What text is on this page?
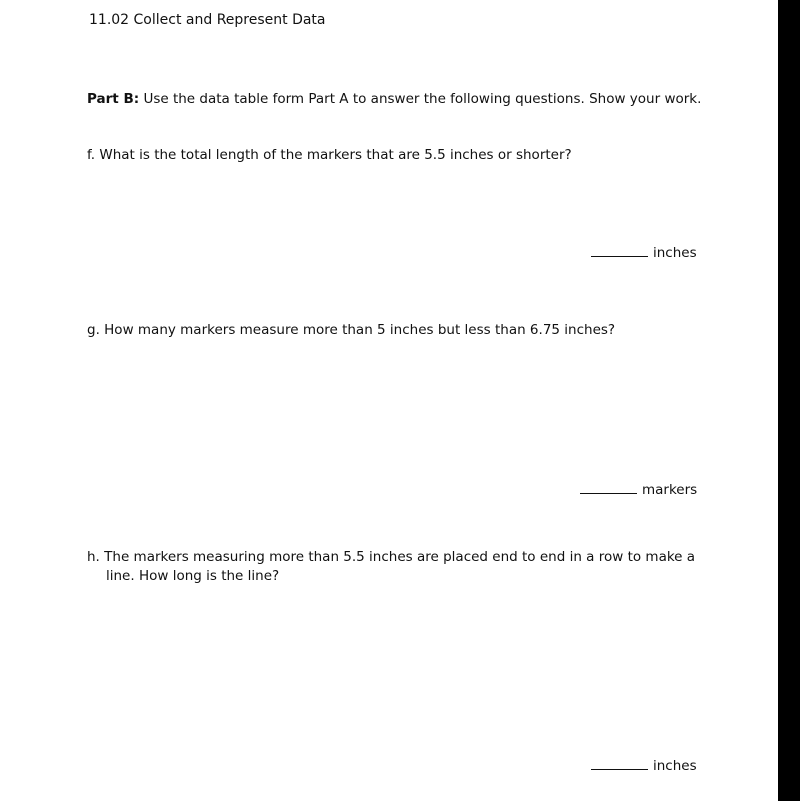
11.02 Collect and Represent Data
Part B: Use the data table form Part A to answer the following questions. Show your work.
f. What is the total length of the markers that are 5.5 inches or shorter?
inches
g. How many markers measure more than 5 inches but less than 6.75 inches?
markers
h. The markers measuring more than 5.5 inches are placed end to end in a row to make a
line. How long is the line?
inches
